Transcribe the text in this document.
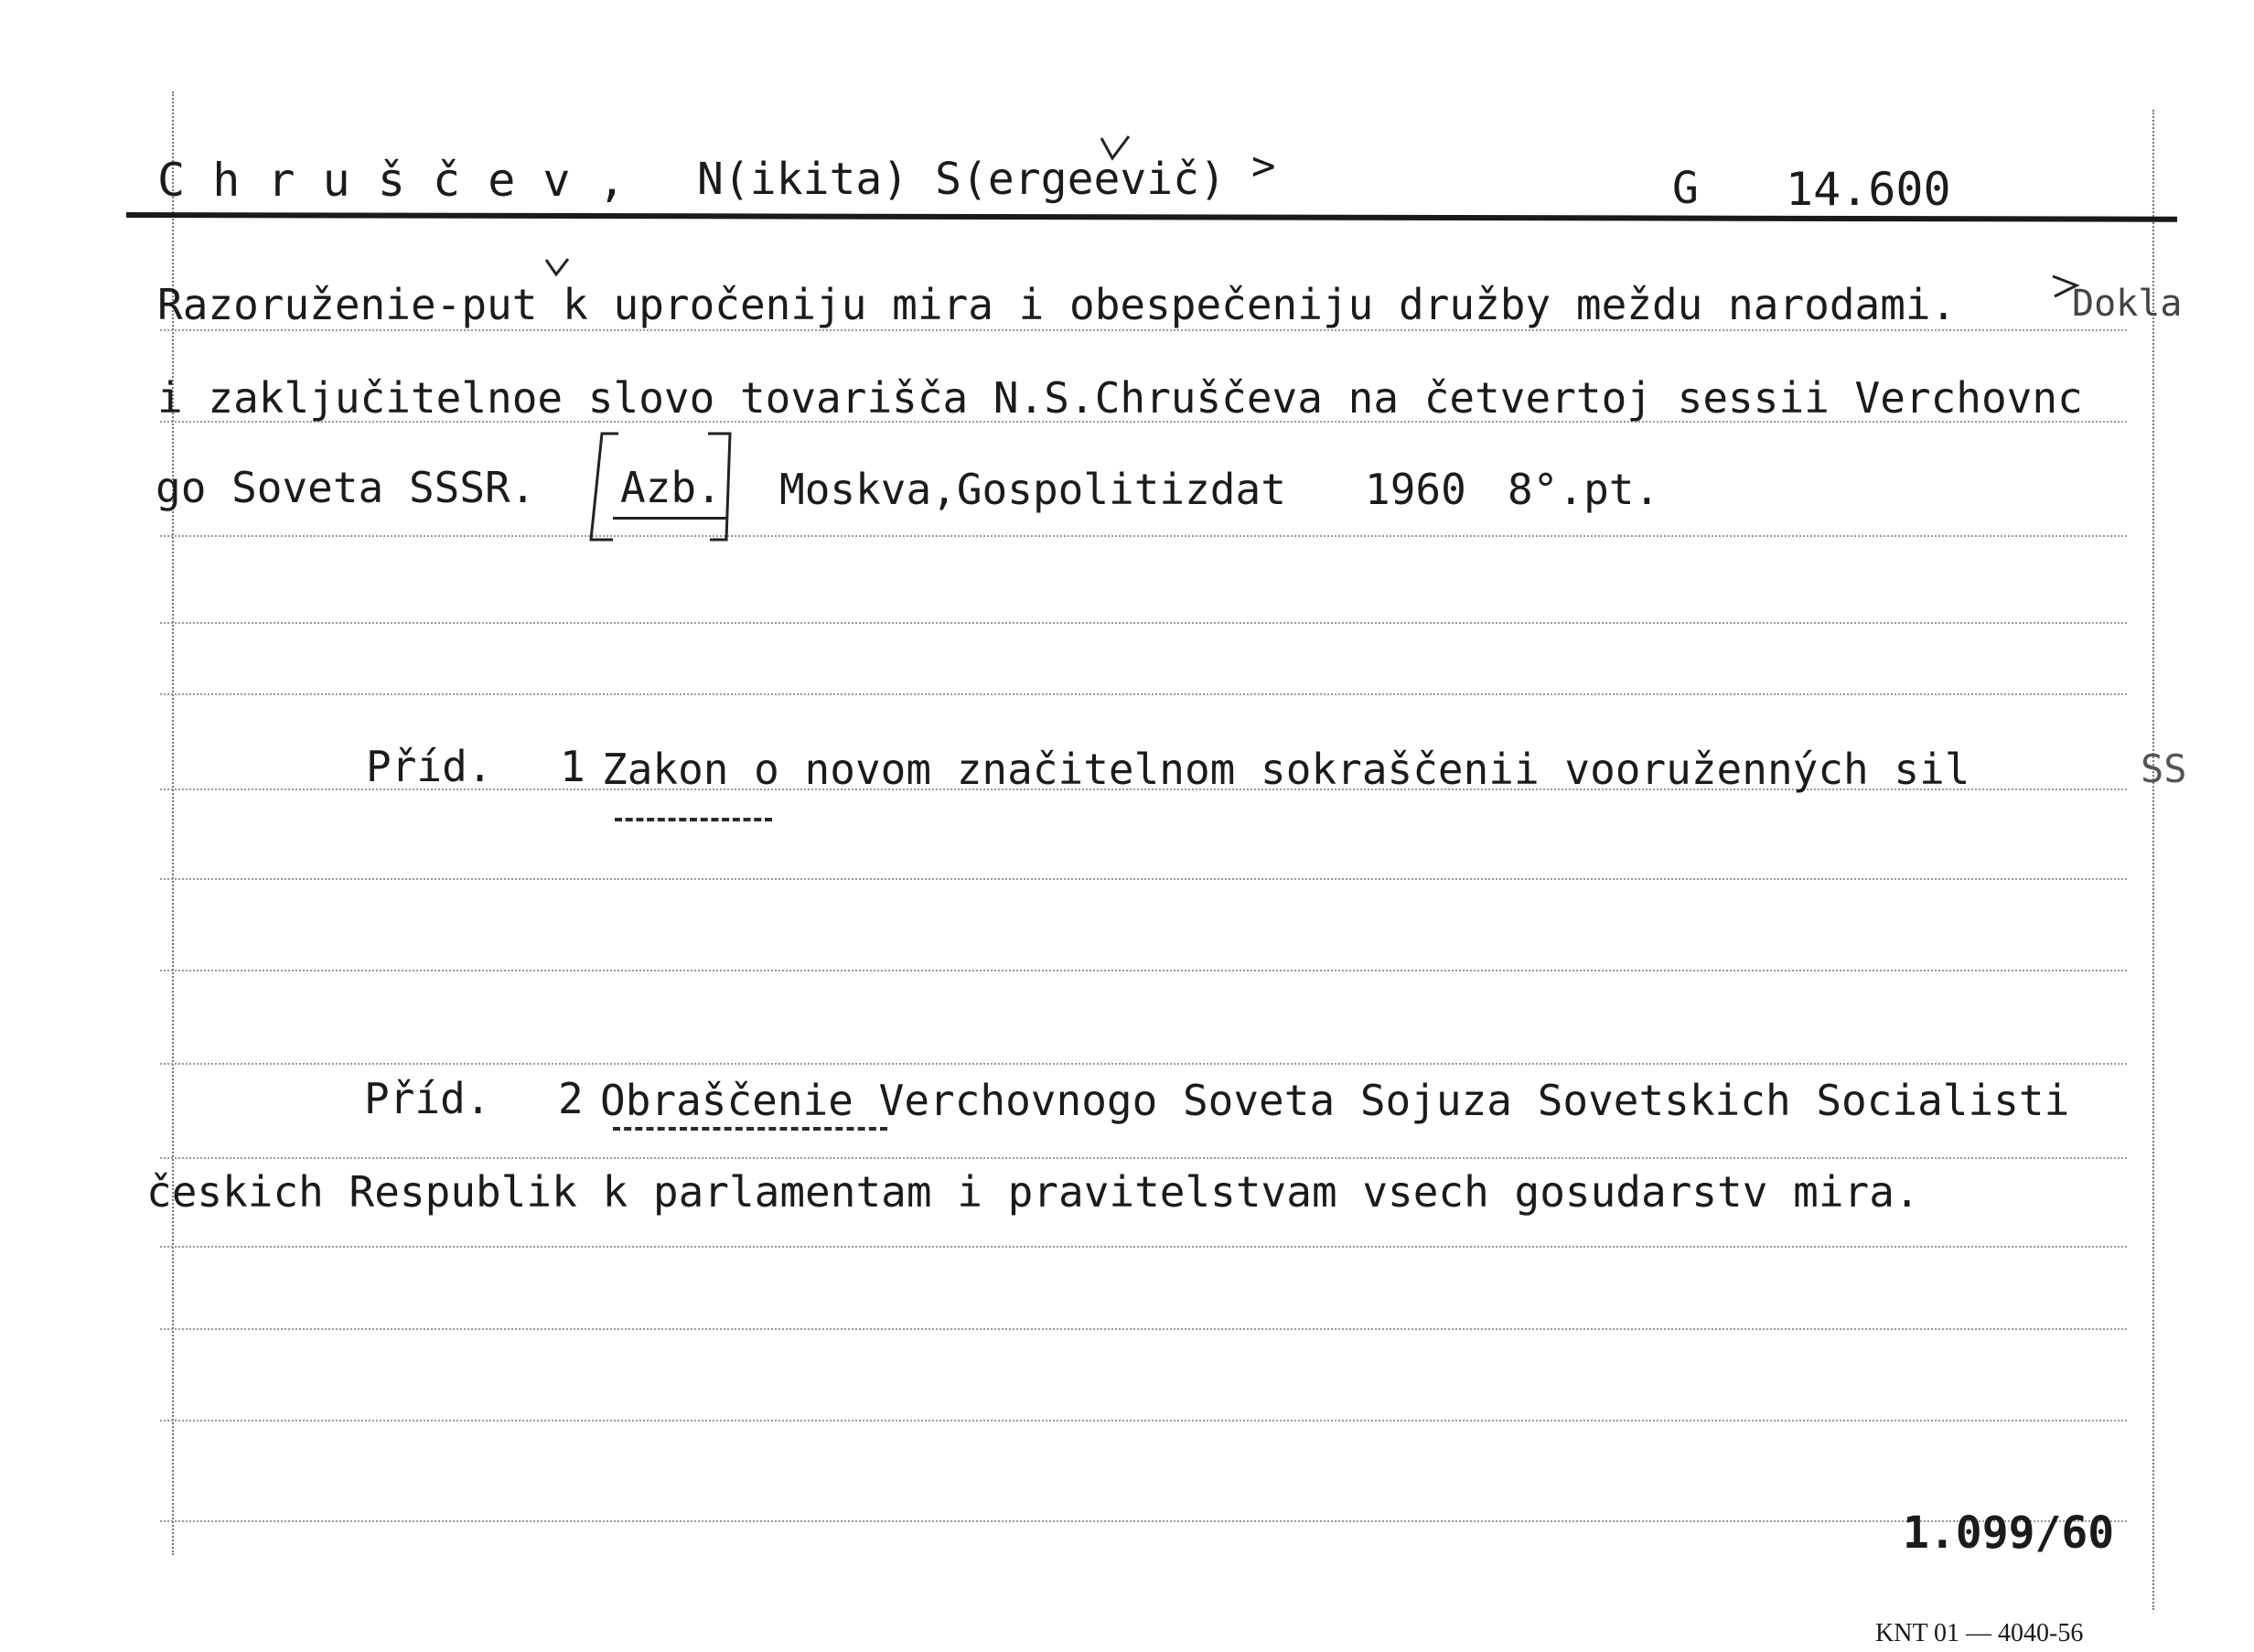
C h r u š č e v , N(ikita) S(ergeevič) >	G 14.600
Razoruženie-put k upročeniju mira i obespečeniju družby meždu narodami.	Dokla
i zaključitelnoe slovo tovarišča N.S.Chruščeva na četvertoj sessii Verchovnc
go Soveta SSSR. Azb. Moskva,Gospolitizdat 1960 8°.pt.
Příd. 1 Zakon o novom značitelnom sokraščenii vooruženných sil	SS
Příd. 2 Obraščenie Verchovnogo Soveta Sojuza Sovetskich Socialisti
českich Respublik k parlamentam i pravitelstvam vsech gosudarstv mira.
1.099/60
KNT 01 — 4040-56
